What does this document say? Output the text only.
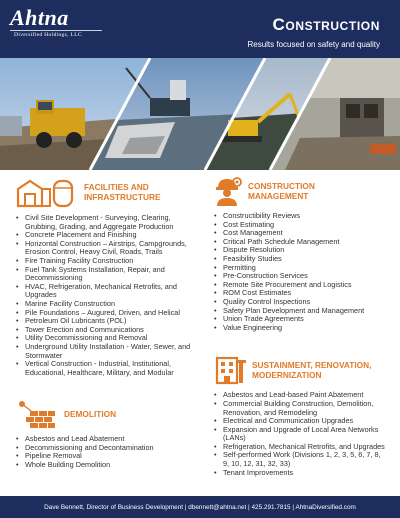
Ahtna
Diversified Holdings, LLC
Construction
Results focused on safety and quality
FACILITIES AND
INFRASTRUCTURE
• Civil Site Development - Surveying, Clearing, Grubbing, Grading, and Aggregate Production
• Concrete Placement and Finishing
• Horizontal Construction – Airstrips, Campgrounds, Erosion Control, Heavy Civil, Roads, Trails
• Fire Training Facility Construction
• Fuel Tank Systems Installation, Repair, and Decommissioning
• HVAC, Refrigeration, Mechanical Retrofits, and Upgrades
• Marine Facility Construction
• Pile Foundations – Augured, Driven, and Helical
• Petroleum Oil Lubricants (POL)
• Tower Erection and Communications
• Utility Decommissioning and Removal
• Underground Utility Installation - Water, Sewer, and Stormwater
• Vertical Construction - Industrial, Institutional, Educational, Healthcare, Military, and Modular
DEMOLITION
• Asbestos and Lead Abatement
• Decommissioning and Decontamination
• Pipeline Removal
• Whole Building Demolition
CONSTRUCTION
MANAGEMENT
• Constructibility Reviews
• Cost Estimating
• Cost Management
• Critical Path Schedule Management
• Dispute Resolution
• Feasibility Studies
• Permitting
• Pre-Construction Services
• Remote Site Procurement and Logistics
• ROM Cost Estimates
• Quality Control Inspections
• Safety Plan Development and Management
• Union Trade Agreements
• Value Engineering
SUSTAINMENT, RENOVATION,
MODERNIZATION
• Asbestos and Lead-based Paint Abatement
• Commercial Building Construction, Demolition, Renovation, and Remodeling
• Electrical and Communication Upgrades
• Expansion and Upgrade of Local Area Networks (LANs)
• Refrigeration, Mechanical Retrofits, and Upgrades
• Self-performed Work (Divisions 1, 2, 3, 5, 6, 7, 8, 9, 10, 12, 31, 32, 33)
• Tenant Improvements
Dave Bennett, Director of Business Development | dbennett@ahtna.net | 425.291.7815 | AhtnaDiversified.com
